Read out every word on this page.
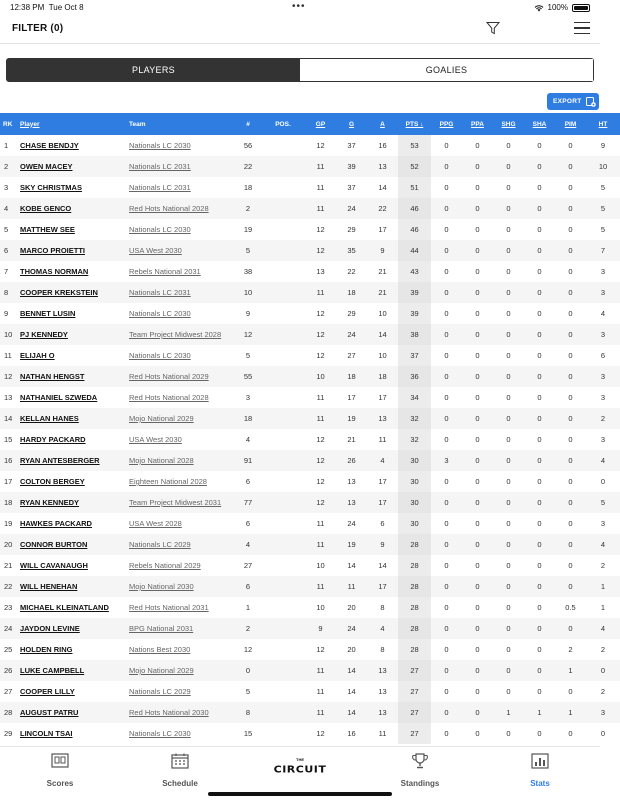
12:38 PM Tue Oct 8	•••	100%
FILTER (0)
PLAYERS	GOALIES
EXPORT
RK	Player	Team	#	POS.	GP	G	A	PTS ↓	PPG	PPA	SHG	SHA	PIM	HT
1	CHASE BENDJY	Nationals LC 2030	56		12	37	16	53	0	0	0	0	0	9
2	OWEN MACEY	Nationals LC 2031	22		11	39	13	52	0	0	0	0	0	10
3	SKY CHRISTMAS	Nationals LC 2031	18		11	37	14	51	0	0	0	0	0	5
4	KOBE GENCO	Red Hots National 2028	2		11	24	22	46	0	0	0	0	0	5
5	MATTHEW SEE	Nationals LC 2030	19		12	29	17	46	0	0	0	0	0	5
6	MARCO PROIETTI	USA West 2030	5		12	35	9	44	0	0	0	0	0	7
7	THOMAS NORMAN	Rebels National 2031	38		13	22	21	43	0	0	0	0	0	3
8	COOPER KREKSTEIN	Nationals LC 2031	10		11	18	21	39	0	0	0	0	0	3
9	BENNET LUSIN	Nationals LC 2030	9		12	29	10	39	0	0	0	0	0	4
10	PJ KENNEDY	Team Project Midwest 2028	12		12	24	14	38	0	0	0	0	0	3
11	ELIJAH O	Nationals LC 2030	5		12	27	10	37	0	0	0	0	0	6
12	NATHAN HENGST	Red Hots National 2029	55		10	18	18	36	0	0	0	0	0	3
13	NATHANIEL SZWEDA	Red Hots National 2028	3		11	17	17	34	0	0	0	0	0	3
14	KELLAN HANES	Mojo National 2029	18		11	19	13	32	0	0	0	0	0	2
15	HARDY PACKARD	USA West 2030	4		12	21	11	32	0	0	0	0	0	3
16	RYAN ANTESBERGER	Mojo National 2028	91		12	26	4	30	3	0	0	0	0	4
17	COLTON BERGEY	Eighteen National 2028	6		12	13	17	30	0	0	0	0	0	0
18	RYAN KENNEDY	Team Project Midwest 2031	77		12	13	17	30	0	0	0	0	0	5
19	HAWKES PACKARD	USA West 2028	6		11	24	6	30	0	0	0	0	0	3
20	CONNOR BURTON	Nationals LC 2029	4		11	19	9	28	0	0	0	0	0	4
21	WILL CAVANAUGH	Rebels National 2029	27		10	14	14	28	0	0	0	0	0	2
22	WILL HENEHAN	Mojo National 2030	6		11	11	17	28	0	0	0	0	0	1
23	MICHAEL KLEINATLAND	Red Hots National 2031	1		10	20	8	28	0	0	0	0	0.5	1
24	JAYDON LEVINE	BPG National 2031	2		9	24	4	28	0	0	0	0	0	4
25	HOLDEN RING	Nations Best 2030	12		12	20	8	28	0	0	0	0	2	2
26	LUKE CAMPBELL	Mojo National 2029	0		11	14	13	27	0	0	0	0	1	0
27	COOPER LILLY	Nationals LC 2029	5		11	14	13	27	0	0	0	0	0	2
28	AUGUST PATRU	Red Hots National 2030	8		11	14	13	27	0	0	1	1	1	3
29	LINCOLN TSAI	Nationals LC 2030	15		12	16	11	27	0	0	0	0	0	0
Scores	Schedule
THE
CIRCUIT
Standings	Stats
